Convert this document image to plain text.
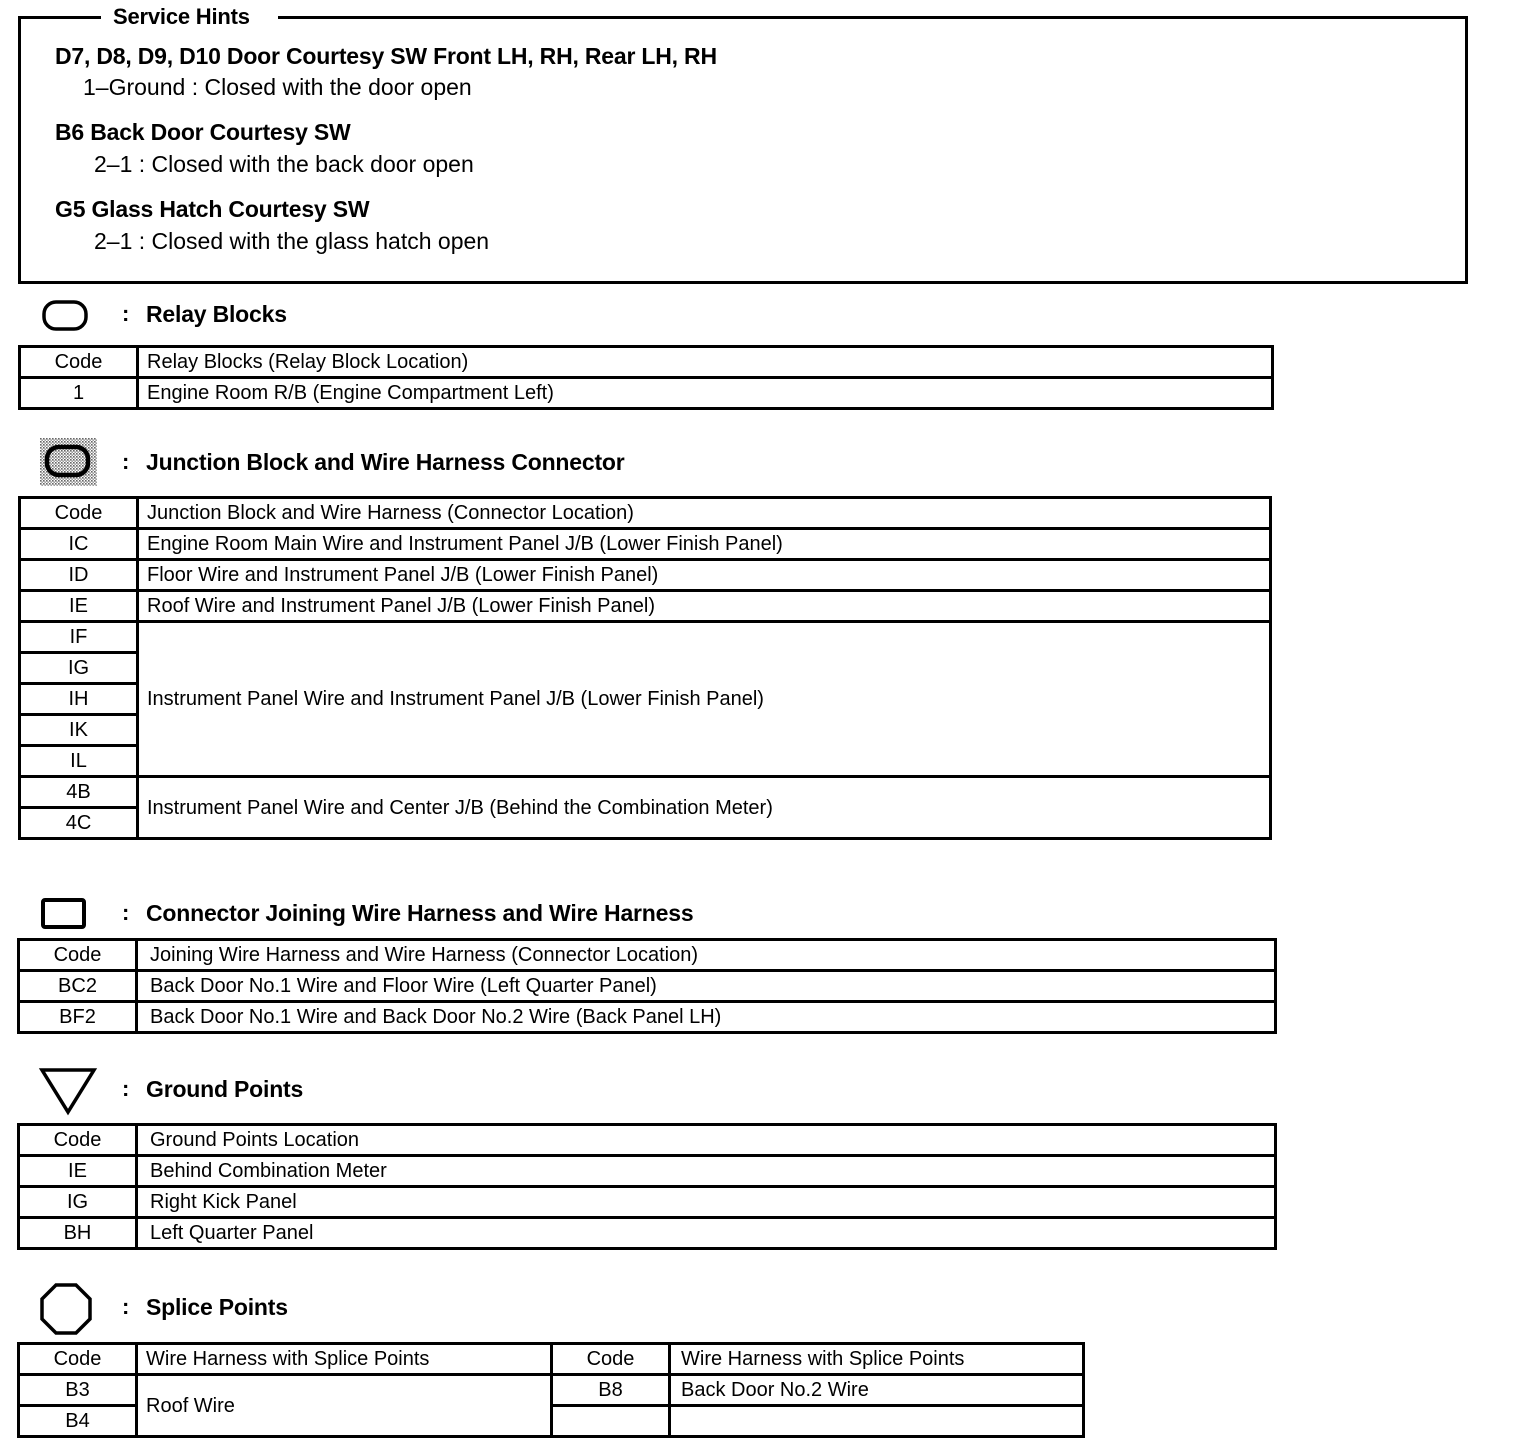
Service Hints
D7, D8, D9, D10 Door Courtesy SW Front LH, RH, Rear LH, RH
1–Ground : Closed with the door open
B6 Back Door Courtesy SW
2–1 : Closed with the back door open
G5 Glass Hatch Courtesy SW
2–1 : Closed with the glass hatch open
: Relay Blocks
Code	Relay Blocks (Relay Block Location)
1	Engine Room R/B (Engine Compartment Left)
: Junction Block and Wire Harness Connector
Code	Junction Block and Wire Harness (Connector Location)
IC	Engine Room Main Wire and Instrument Panel J/B (Lower Finish Panel)
ID	Floor Wire and Instrument Panel J/B (Lower Finish Panel)
IE	Roof Wire and Instrument Panel J/B (Lower Finish Panel)
IF	Instrument Panel Wire and Instrument Panel J/B (Lower Finish Panel)
IG	
IH	
IK	
IL	
4B	Instrument Panel Wire and Center J/B (Behind the Combination Meter)
4C	
: Connector Joining Wire Harness and Wire Harness
Code	Joining Wire Harness and Wire Harness (Connector Location)
BC2	Back Door No.1 Wire and Floor Wire (Left Quarter Panel)
BF2	Back Door No.1 Wire and Back Door No.2 Wire (Back Panel LH)
: Ground Points
Code	Ground Points Location
IE	Behind Combination Meter
IG	Right Kick Panel
BH	Left Quarter Panel
: Splice Points
Code	Wire Harness with Splice Points	Code	Wire Harness with Splice Points
B3	Roof Wire	B8	Back Door No.2 Wire
B4			
